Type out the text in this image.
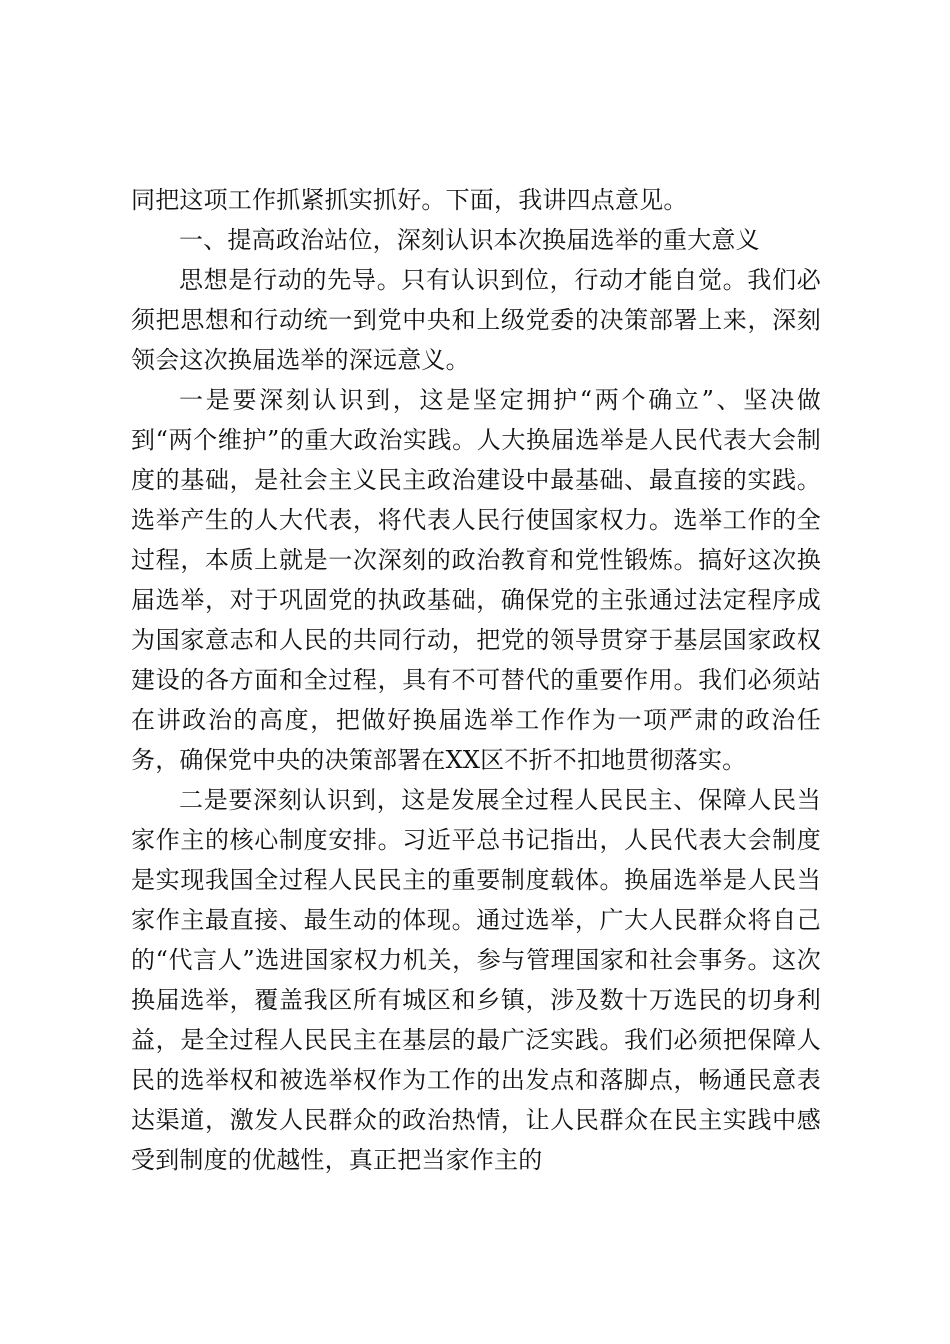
同把这项工作抓紧抓实抓好。下面，我讲四点意见。

一、提高政治站位，深刻认识本次换届选举的重大意义

思想是行动的先导。只有认识到位，行动才能自觉。我们必须把思想和行动统一到党中央和上级党委的决策部署上来，深刻领会这次换届选举的深远意义。

一是要深刻认识到，这是坚定拥护“两个确立”、坚决做到“两个维护”的重大政治实践。人大换届选举是人民代表大会制度的基础，是社会主义民主政治建设中最基础、最直接的实践。选举产生的人大代表，将代表人民行使国家权力。选举工作的全过程，本质上就是一次深刻的政治教育和党性锻炼。搞好这次换届选举，对于巩固党的执政基础，确保党的主张通过法定程序成为国家意志和人民的共同行动，把党的领导贯穿于基层国家政权建设的各方面和全过程，具有不可替代的重要作用。我们必须站在讲政治的高度，把做好换届选举工作作为一项严肃的政治任务，确保党中央的决策部署在XX区不折不扣地贯彻落实。

二是要深刻认识到，这是发展全过程人民民主、保障人民当家作主的核心制度安排。习近平总书记指出，人民代表大会制度是实现我国全过程人民民主的重要制度载体。换届选举是人民当家作主最直接、最生动的体现。通过选举，广大人民群众将自己的“代言人”选进国家权力机关，参与管理国家和社会事务。这次换届选举，覆盖我区所有城区和乡镇，涉及数十万选民的切身利益，是全过程人民民主在基层的最广泛实践。我们必须把保障人民的选举权和被选举权作为工作的出发点和落脚点，畅通民意表达渠道，激发人民群众的政治热情，让人民群众在民主实践中感受到制度的优越性，真正把当家作主的
